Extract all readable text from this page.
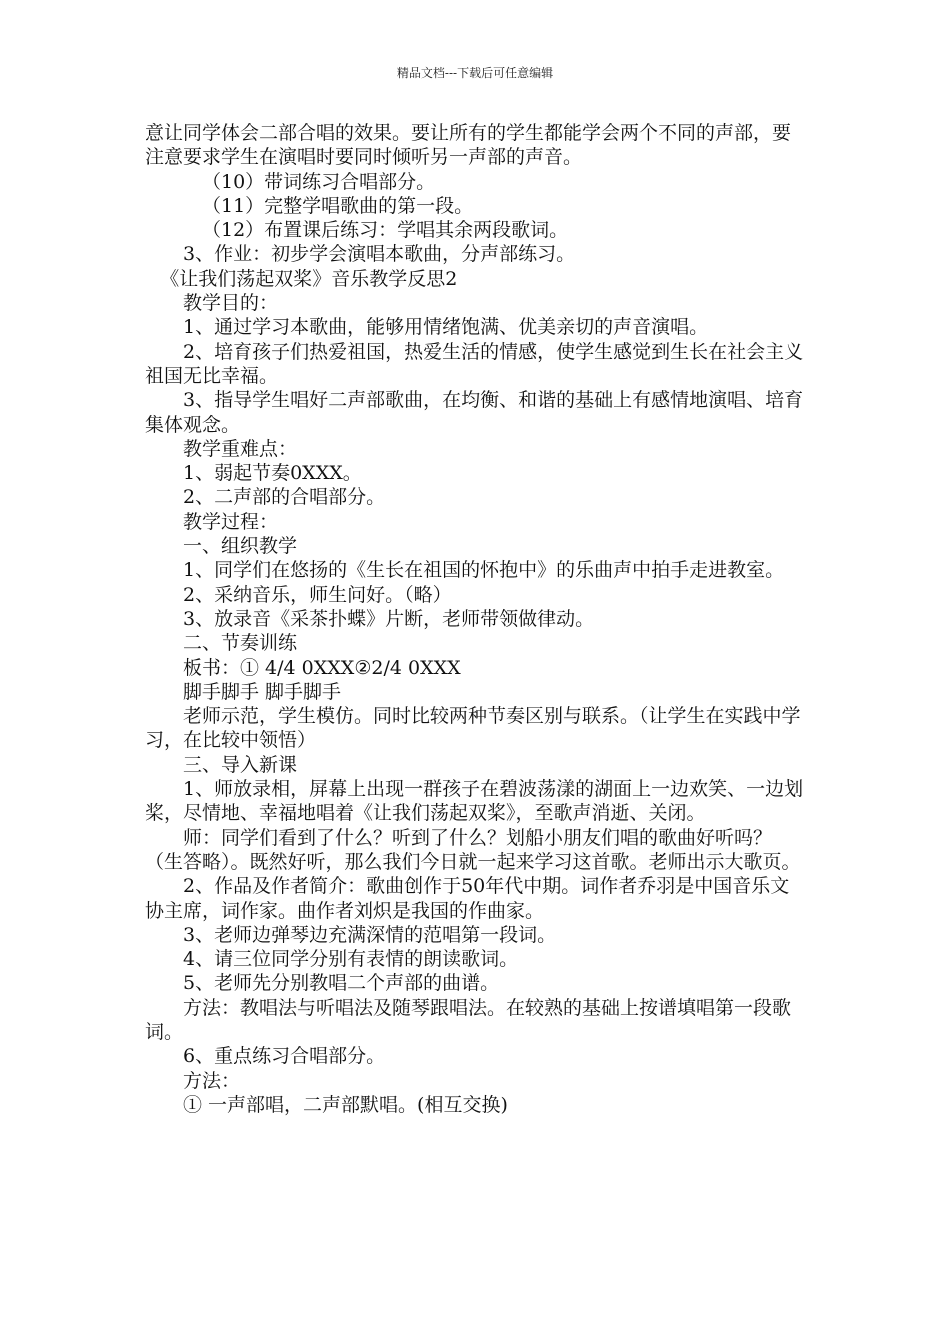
精品文档---下载后可任意编辑

意让同学体会二部合唱的效果。要让所有的学生都能学会两个不同的声部，要注意要求学生在演唱时要同时倾听另一声部的声音。

（10）带词练习合唱部分。

（11）完整学唱歌曲的第一段。

（12）布置课后练习：学唱其余两段歌词。

3、作业：初步学会演唱本歌曲，分声部练习。

《让我们荡起双桨》音乐教学反思2

教学目的：

1、通过学习本歌曲，能够用情绪饱满、优美亲切的声音演唱。

2、培育孩子们热爱祖国，热爱生活的情感，使学生感觉到生长在社会主义祖国无比幸福。

3、指导学生唱好二声部歌曲，在均衡、和谐的基础上有感情地演唱、培育集体观念。

教学重难点：

1、弱起节奏0XXX。

2、二声部的合唱部分。

教学过程：

一、组织教学

1、同学们在悠扬的《生长在祖国的怀抱中》的乐曲声中拍手走进教室。

2、采纳音乐，师生问好。（略）

3、放录音《采茶扑蝶》片断，老师带领做律动。

二、节奏训练

板书：① 4/4 0XXX②2/4 0XXX

脚手脚手 脚手脚手

老师示范，学生模仿。同时比较两种节奏区别与联系。（让学生在实践中学习，在比较中领悟）

三、导入新课

1、师放录相，屏幕上出现一群孩子在碧波荡漾的湖面上一边欢笑、一边划桨，尽情地、幸福地唱着《让我们荡起双桨》，至歌声消逝、关闭。

师：同学们看到了什么？听到了什么？划船小朋友们唱的歌曲好听吗？（生答略）。既然好听，那么我们今日就一起来学习这首歌。老师出示大歌页。

2、作品及作者简介：歌曲创作于50年代中期。词作者乔羽是中国音乐文协主席，词作家。曲作者刘炽是我国的作曲家。

3、老师边弹琴边充满深情的范唱第一段词。

4、请三位同学分别有表情的朗读歌词。

5、老师先分别教唱二个声部的曲谱。

方法：教唱法与听唱法及随琴跟唱法。在较熟的基础上按谱填唱第一段歌词。

6、重点练习合唱部分。

方法：

① 一声部唱，二声部默唱。(相互交换)
